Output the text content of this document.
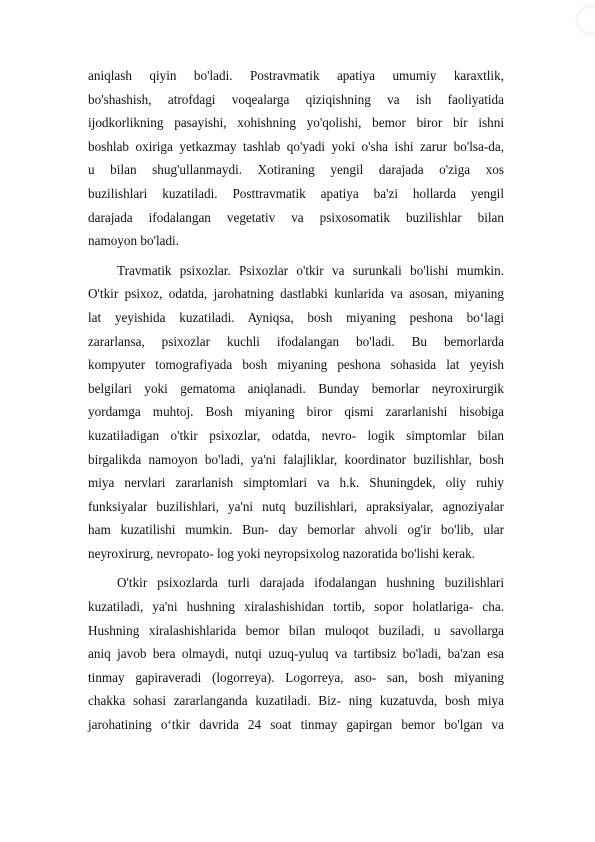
aniqlash qiyin bo'ladi. Postravmatik apatiya umumiy karaxtlik,
bo'shashish, atrofdagi voqealarga qiziqishning va ish faoliyatida
ijodkorlikning pasayishi, xohishning yo'qolishi, bemor biror bir ishni
boshlab oxiriga yetkazmay tashlab qo'yadi yoki o'sha ishi zarur bo'lsa-da,
u bilan shug'ullanmaydi. Xotiraning yengil darajada o'ziga xos
buzilishlari kuzatiladi. Posttravmatik apatiya ba'zi hollarda yengil
darajada ifodalangan vegetativ va psixosomatik buzilishlar bilan
namoyon bo'ladi.
Travmatik psixozlar. Psixozlar o'tkir va surunkali bo'lishi mumkin.
O'tkir psixoz, odatda, jarohatning dastlabki kunlarida va asosan, miyaning
lat yeyishida kuzatiladi. Ayniqsa, bosh miyaning peshona boʻlagi
zararlansa, psixozlar kuchli ifodalangan bo'ladi. Bu bemorlarda
kompyuter tomografiyada bosh miyaning peshona sohasida lat yeyish
belgilari yoki gematoma aniqlanadi. Bunday bemorlar neyroxirurgik
yordamga muhtoj. Bosh miyaning biror qismi zararlanishi hisobiga
kuzatiladigan o'tkir psixozlar, odatda, nevro- logik simptomlar bilan
birgalikda namoyon bo'ladi, ya'ni falajliklar, koordinator buzilishlar, bosh
miya nervlari zararlanish simptomlari va h.k. Shuningdek, oliy ruhiy
funksiyalar buzilishlari, ya'ni nutq buzilishlari, apraksiyalar, agnoziyalar
ham kuzatilishi mumkin. Bun- day bemorlar ahvoli og'ir bo'lib, ular
neyroxirurg, nevropato- log yoki neyropsixolog nazoratida bo'lishi kerak.
O'tkir psixozlarda turli darajada ifodalangan hushning buzilishlari
kuzatiladi, ya'ni hushning xiralashishidan tortib, sopor holatlariga- cha.
Hushning xiralashishlarida bemor bilan muloqot buziladi, u savollarga
aniq javob bera olmaydi, nutqi uzuq-yuluq va tartibsiz bo'ladi, ba'zan esa
tinmay gapiraveradi (logorreya). Logorreya, aso- san, bosh miyaning
chakka sohasi zararlanganda kuzatiladi. Biz- ning kuzatuvda, bosh miya
jarohatining oʻtkir davrida 24 soat tinmay gapirgan bemor bo'lgan va
